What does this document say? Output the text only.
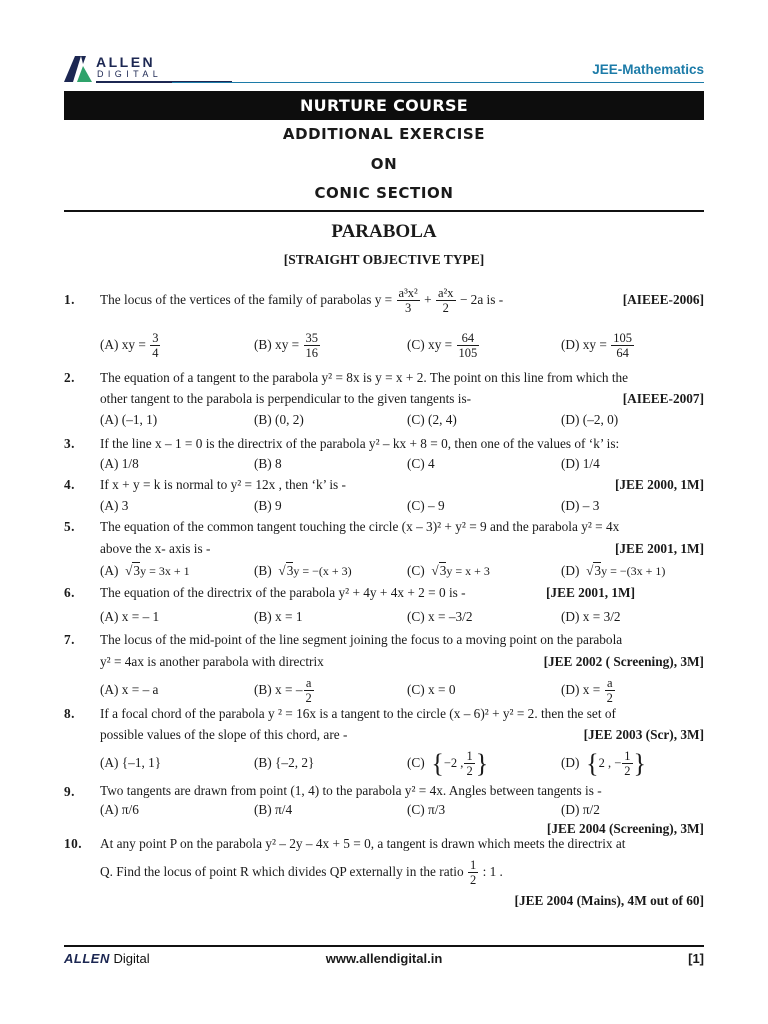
ALLEN
DIGITAL	JEE-Mathematics
NURTURE COURSE
ADDITIONAL EXERCISE
ON
CONIC SECTION
PARABOLA
[STRAIGHT OBJECTIVE TYPE]
1. The locus of the vertices of the family of parabolas $y = \frac{\text{a³x²}}{3} + \frac{\text{a²x}}{2} - 2a$ is -	[AIEEE-2006]
(A) xy = $\frac{3}{4}$	(B) xy = $\frac{35}{16}$	(C) xy = $\frac{64}{105}$	(D) xy = $\frac{105}{64}$
2. The equation of a tangent to the parabola y² = 8x is y = x + 2. The point on this line from which the
other tangent to the parabola is perpendicular to the given tangents is-	[AIEEE-2007]
(A) (–1, 1)	(B) (0, 2)	(C) (2, 4)	(D) (–2, 0)
3. If the line x – 1 = 0 is the directrix of the parabola y² – kx + 8 = 0, then one of the values of ‘k’ is:
(A) 1/8	(B) 8	(C) 4	(D) 1/4
4. If x + y = k is normal to y² = 12x , then ‘k’ is -	[JEE 2000, 1M]
(A) 3	(B) 9	(C) – 9	(D) – 3
5. The equation of the common tangent touching the circle (x – 3)² + y² = 9 and the parabola y² = 4x
above the x- axis is -	[JEE 2001, 1M]
(A)  √3y = 3x + 1	(B)  √3y = −(x + 3)	(C)  √3y = x + 3	(D)  √3y = −(3x + 1)
6. The equation of the directrix of the parabola y² + 4y + 4x + 2 = 0 is -	[JEE 2001, 1M]
(A) x = – 1	(B) x = 1	(C) x = –3/2	(D) x = 3/2
7. The locus of the mid-point of the line segment joining the focus to a moving point on the parabola
y² = 4ax is another parabola with directrix	[JEE 2002 ( Screening), 3M]
(A) x = – a	(B) x = – $\frac{a}{2}$	(C) x = 0	(D) $x = \frac{a}{2}$
8. If a focal chord of the parabola y ² = 16x is a tangent to the circle (x – 6)² + y² = 2. then the set of
possible values of the slope of this chord, are -	[JEE 2003 (Scr), 3M]
(A) {–1, 1}	(B) {–2, 2}	(C) {−2 , $\frac{1}{2}$ }	(D) {2 , − $\frac{1}{2}$ }
9. Two tangents are drawn from point (1, 4) to the parabola y² = 4x. Angles between tangents is -
(A) π/6	(B) π/4	(C) π/3	(D) π/2
[JEE 2004 (Screening), 3M]
10. At any point P on the parabola y² – 2y – 4x + 5 = 0, a tangent is drawn which meets the directrix at
Q. Find the locus of point R which divides QP externally in the ratio $\frac{1}{2}$ : 1 .
[JEE 2004 (Mains), 4M out of 60]
ALLEN Digital	www.allendigital.in	[1]
